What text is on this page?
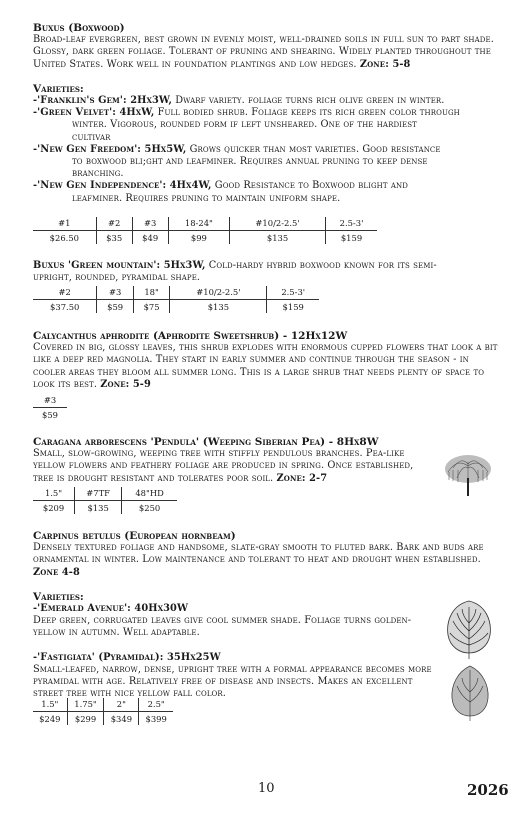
Buxus (Boxwood)
Broad-leaf evergreen, best grown in evenly moist, well-drained soils in full sun to part shade. Glossy, dark green foliage. Tolerant of pruning and shearing. Widely planted throughout the United States. Work well in foundation plantings and low hedges. Zone: 5-8
Varieties:
-'Franklin's Gem': 2Hx3W, Dwarf variety. foliage turns rich olive green in winter.
-'Green Velvet': 4HxW, Full bodied shrub. Foliage keeps its rich green color through
winter. Vigorous, rounded form if left unsheared. One of the hardiest
cultivar
-'New Gen Freedom': 5Hx5W, Grows quicker than most varieties. Good resistance
to boxwood bli;ght and leafminer. Requires annual pruning to keep dense
branching.
-'New Gen Independence': 4Hx4W, Good Resistance to Boxwood blight and
leafminer. Requires pruning to maintain uniform shape.
#1	#2	#3	18-24"	#10/2-2.5'	2.5-3'
$26.50	$35	$49	$99	$135	$159
Buxus 'Green mountain': 5Hx3W, Cold-hardy hybrid boxwood known for its semi-
upright, rounded, pyramidal shape.
#2	#3	18"	#10/2-2.5'	2.5-3'
$37.50	$59	$75	$135	$159
Calycanthus aphrodite (Aphrodite Sweetshrub) - 12Hx12W
Covered in big, glossy leaves, this shrub explodes with enormous cupped flowers that look a bit like a deep red magnolia. They start in early summer and continue through the season - in cooler areas they bloom all summer long. This is a large shrub that needs plenty of space to look its best. Zone: 5-9
#3
$59
Caragana arborescens 'Pendula' (Weeping Siberian Pea) - 8Hx8W
Small, slow-growing, weeping tree with stiffly pendulous branches. Pea-like yellow flowers and feathery foliage are produced in spring. Once established, tree is drought resistant and tolerates poor soil. Zone: 2-7
1.5"	#7TF	48"HD
$209	$135	$250
Carpinus betulus (European hornbeam)
Densely textured foliage and handsome, slate-gray smooth to fluted bark. Bark and buds are ornamental in winter. Low maintenance and tolerant to heat and drought when established. Zone 4-8
Varieties:
-'Emerald Avenue': 40Hx30W
Deep green, corrugated leaves give cool summer shade. Foliage turns golden-yellow in autumn. Well adaptable.
-'Fastigiata' (Pyramidal): 35Hx25W
Small-leafed, narrow, dense, upright tree with a formal appearance becomes more pyramidal with age. Relatively free of disease and insects. Makes an excellent street tree with nice yellow fall color.
1.5"	1.75"	2"	2.5"
$249	$299	$349	$399
10	2026
